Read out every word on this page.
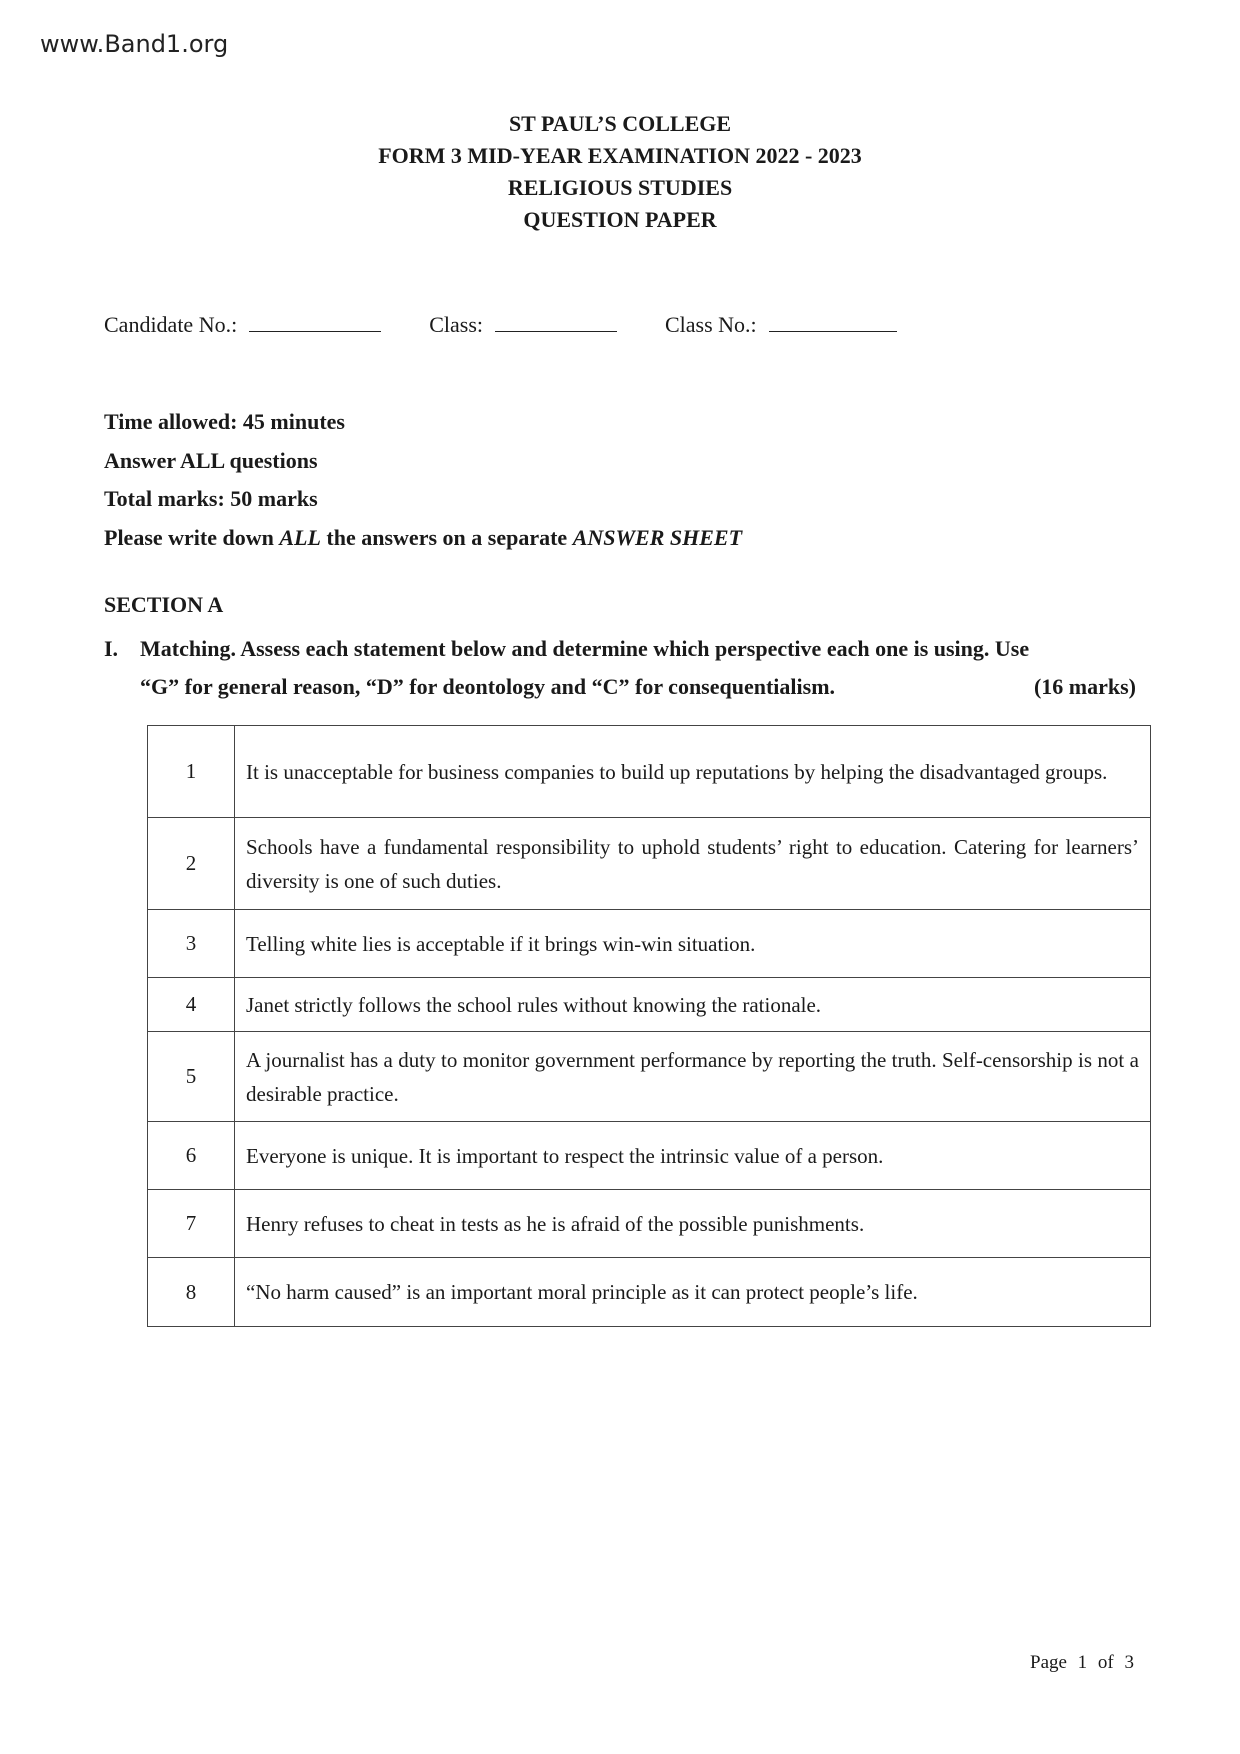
www.Band1.org
ST PAUL’S COLLEGE
FORM 3 MID-YEAR EXAMINATION 2022 - 2023
RELIGIOUS STUDIES
QUESTION PAPER
Candidate No.:	Class:	Class No.:
Time allowed: 45 minutes
Answer ALL questions
Total marks: 50 marks
Please write down ALL the answers on a separate ANSWER SHEET
SECTION A
I. Matching. Assess each statement below and determine which perspective each one is using. Use
“G” for general reason, “D” for deontology and “C” for consequentialism.	(16 marks)
1	It is unacceptable for business companies to build up reputations by helping the disadvantaged groups.
2	Schools have a fundamental responsibility to uphold students’ right to education. Catering for learners’ diversity is one of such duties.
3	Telling white lies is acceptable if it brings win-win situation.
4	Janet strictly follows the school rules without knowing the rationale.
5	A journalist has a duty to monitor government performance by reporting the truth. Self-censorship is not a desirable practice.
6	Everyone is unique. It is important to respect the intrinsic value of a person.
7	Henry refuses to cheat in tests as he is afraid of the possible punishments.
8	“No harm caused” is an important moral principle as it can protect people’s life.
Page 1 of 3
